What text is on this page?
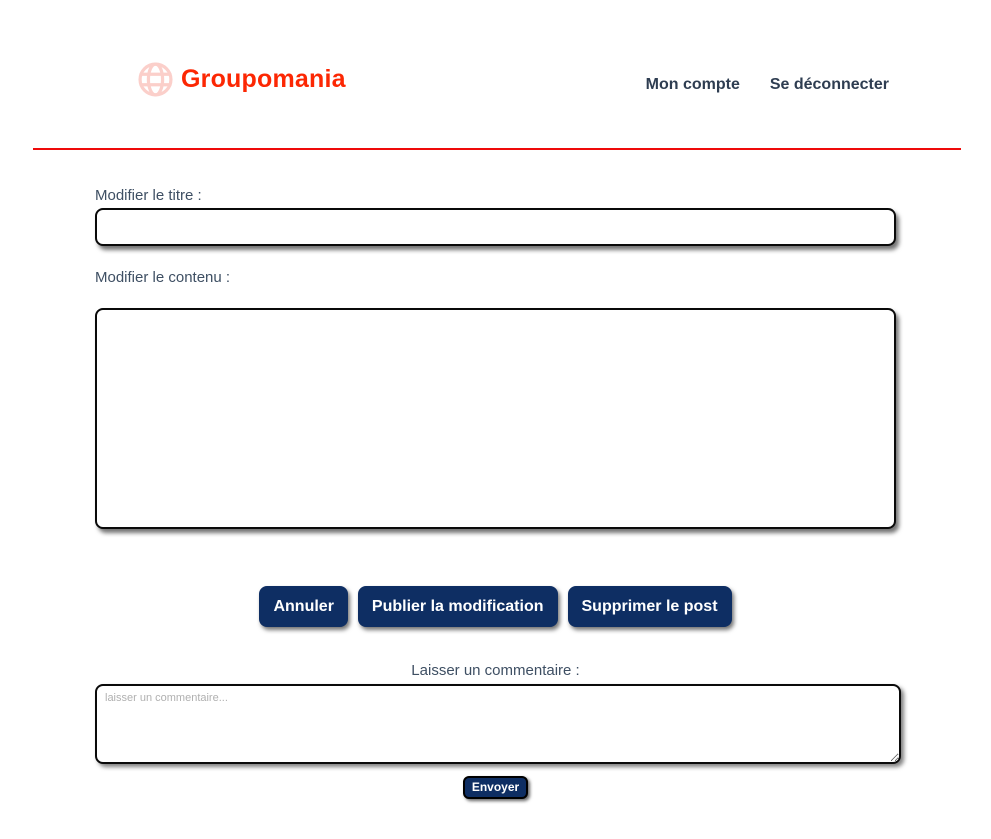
Groupomania	Mon compte Se déconnecter
Modifier le titre :
Modifier le contenu :
Annuler	Publier la modification	Supprimer le post
Laisser un commentaire :
laisser un commentaire...
Envoyer
